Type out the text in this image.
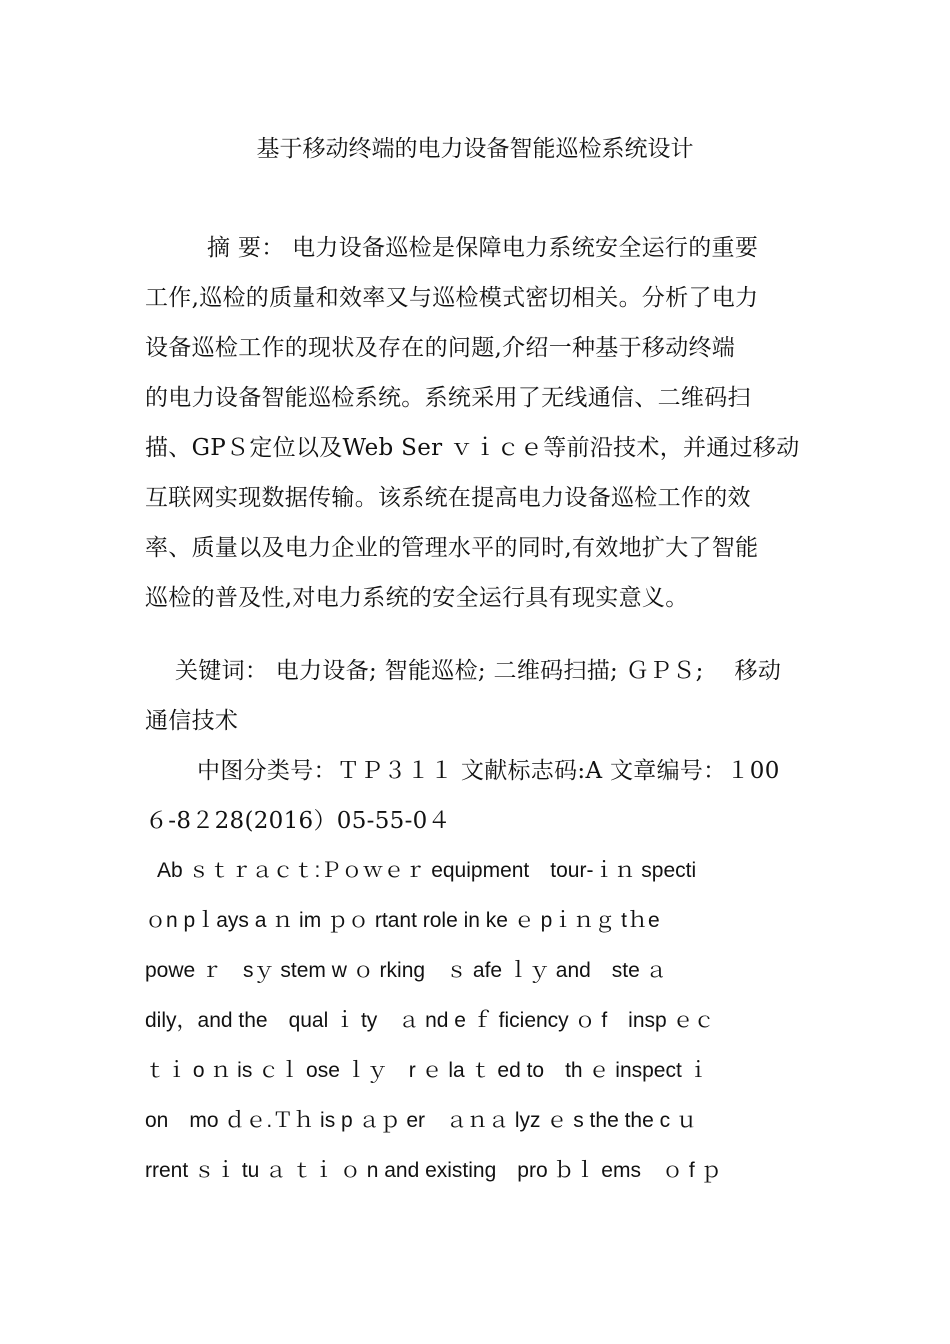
基于移动终端的电力设备智能巡检系统设计
摘 要： 电力设备巡检是保障电力系统安全运行的重要
工作,巡检的质量和效率又与巡检模式密切相关。分析了电力
设备巡检工作的现状及存在的问题,介绍一种基于移动终端
的电力设备智能巡检系统。系统采用了无线通信、二维码扫
描、GPＳ定位以及Web Ser ｖｉｃｅ等前沿技术，并通过移动
互联网实现数据传输。该系统在提高电力设备巡检工作的效
率、质量以及电力企业的管理水平的同时,有效地扩大了智能
巡检的普及性,对电力系统的安全运行具有现实意义。
关键词： 电力设备; 智能巡检; 二维码扫描; ＧＰＳ;　 移动
通信技术
中图分类号：ＴＰ３１１ 文献标志码:A 文章编号：１00
６-8２28(2016）05-55-0４
Ab ｓｔｒａｃｔ:Ｐｏｗｅｒ equipment　tour-ｉｎ specti
ｏn pｌays a ｎ im ｐｏ rtant role in ke ｅ pｉｎｇ tｈe
powe ｒ　sｙ stem w ｏ rking　ｓ afe ｌｙ and　ste ａ
dily，and the　qual ｉ ty　ａ nd e ｆ ficiency ｏ f　insp ｅｃ
ｔｉ o ｎ is ｃｌ ose ｌｙ　r ｅ la ｔ ed to　th ｅ inspect ｉ
on　mo ｄｅ.Ｔｈ is p ａｐ er　ａｎａ lyz ｅ s the the c ｕ
rrent ｓｉ tu ａ ｔｉ ｏ n and existing　pro ｂｌ ems　ｏ f ｐ
